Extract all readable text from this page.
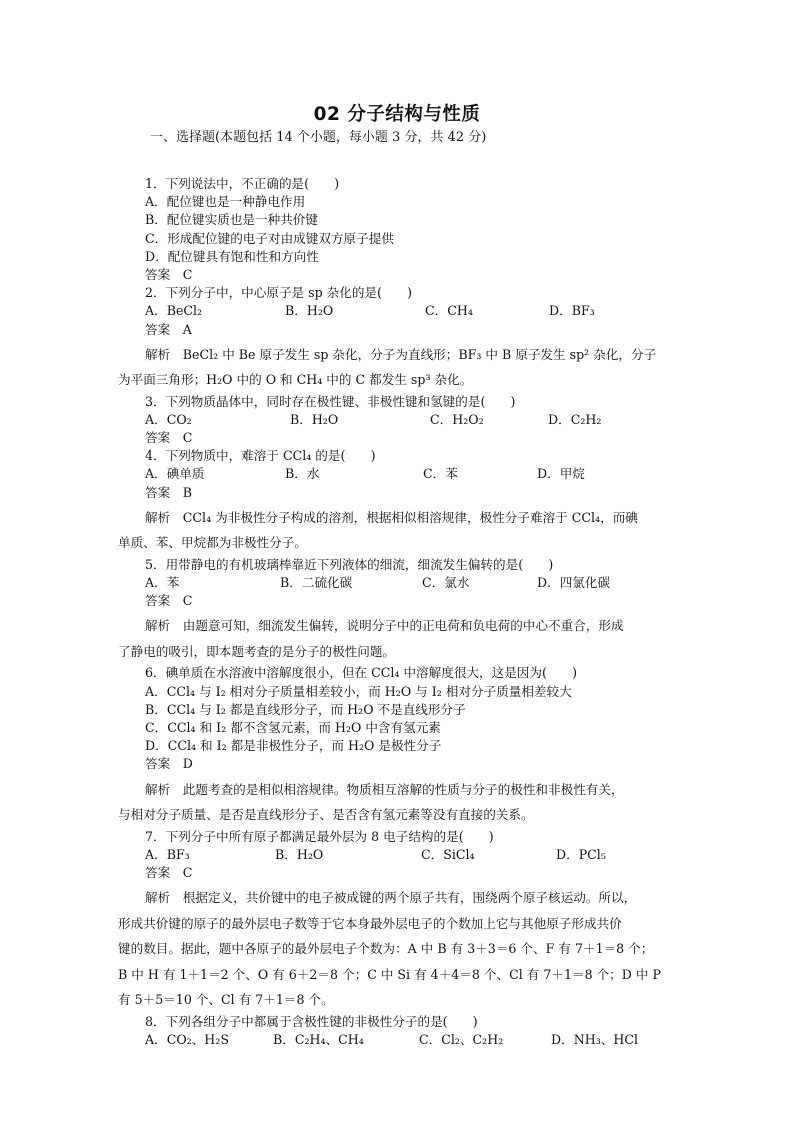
02 分子结构与性质
一、选择题(本题包括 14 个小题，每小题 3 分，共 42 分)
1．下列说法中，不正确的是(　　)
A．配位键也是一种静电作用
B．配位键实质也是一种共价键
C．形成配位键的电子对由成键双方原子提供
D．配位键具有饱和性和方向性
答案　C
2．下列分子中，中心原子是 sp 杂化的是(　　)
A．BeCl₂	B．H₂O	C．CH₄	D．BF₃
答案　A
解析　BeCl₂ 中 Be 原子发生 sp 杂化，分子为直线形；BF₃ 中 B 原子发生 sp² 杂化，分子
为平面三角形；H₂O 中的 O 和 CH₄ 中的 C 都发生 sp³ 杂化。
3．下列物质晶体中，同时存在极性键、非极性键和氢键的是(　　)
A．CO₂	B．H₂O	C．H₂O₂	D．C₂H₂
答案　C
4．下列物质中，难溶于 CCl₄ 的是(　　)
A．碘单质	B．水	C．苯	D．甲烷
答案　B
解析　CCl₄ 为非极性分子构成的溶剂，根据相似相溶规律，极性分子难溶于 CCl₄，而碘
单质、苯、甲烷都为非极性分子。
5．用带静电的有机玻璃棒靠近下列液体的细流，细流发生偏转的是(　　)
A．苯	B．二硫化碳	C．氯水	D．四氯化碳
答案　C
解析　由题意可知，细流发生偏转，说明分子中的正电荷和负电荷的中心不重合，形成
了静电的吸引，即本题考查的是分子的极性问题。
6．碘单质在水溶液中溶解度很小，但在 CCl₄ 中溶解度很大，这是因为(　　)
A．CCl₄ 与 I₂ 相对分子质量相差较小，而 H₂O 与 I₂ 相对分子质量相差较大
B．CCl₄ 与 I₂ 都是直线形分子，而 H₂O 不是直线形分子
C．CCl₄ 和 I₂ 都不含氢元素，而 H₂O 中含有氢元素
D．CCl₄ 和 I₂ 都是非极性分子，而 H₂O 是极性分子
答案　D
解析　此题考查的是相似相溶规律。物质相互溶解的性质与分子的极性和非极性有关，
与相对分子质量、是否是直线形分子、是否含有氢元素等没有直接的关系。
7．下列分子中所有原子都满足最外层为 8 电子结构的是(　　)
A．BF₃	B．H₂O	C．SiCl₄	D．PCl₅
答案　C
解析　根据定义，共价键中的电子被成键的两个原子共有，围绕两个原子核运动。所以，
形成共价键的原子的最外层电子数等于它本身最外层电子的个数加上它与其他原子形成共价
键的数目。据此，题中各原子的最外层电子个数为：A 中 B 有 3＋3＝6 个、F 有 7＋1＝8 个；
B 中 H 有 1＋1＝2 个、O 有 6＋2＝8 个；C 中 Si 有 4＋4＝8 个、Cl 有 7＋1＝8 个；D 中 P
有 5＋5＝10 个、Cl 有 7＋1＝8 个。
8．下列各组分子中都属于含极性键的非极性分子的是(　　)
A．CO₂、H₂S	B．C₂H₄、CH₄	C．Cl₂、C₂H₂	D．NH₃、HCl
